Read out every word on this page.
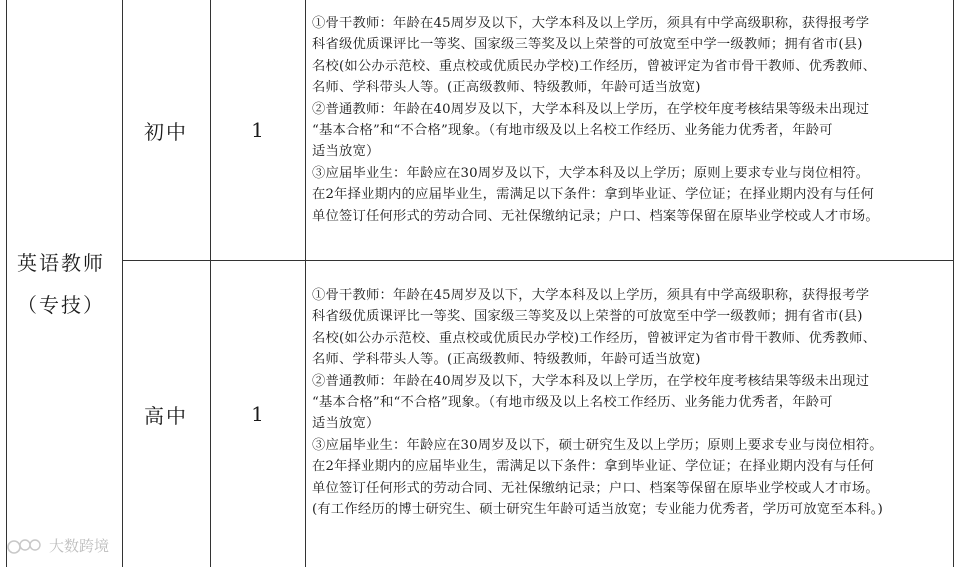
英语教师
（专技）
初中	1

①骨干教师：年龄在45周岁及以下，大学本科及以上学历，须具有中学高级职称，获得报考学

科省级优质课评比一等奖、国家级三等奖及以上荣誉的可放宽至中学一级教师；拥有省市(县)

名校(如公办示范校、重点校或优质民办学校)工作经历，曾被评定为省市骨干教师、优秀教师、

名师、学科带头人等。(正高级教师、特级教师，年龄可适当放宽)

②普通教师：年龄在40周岁及以下，大学本科及以上学历，在学校年度考核结果等级未出现过

“基本合格”和“不合格”现象。（有地市级及以上名校工作经历、业务能力优秀者，年龄可

适当放宽）

③应届毕业生：年龄应在30周岁及以下，大学本科及以上学历；原则上要求专业与岗位相符。

在2年择业期内的应届毕业生，需满足以下条件：拿到毕业证、学位证；在择业期内没有与任何

单位签订任何形式的劳动合同、无社保缴纳记录；户口、档案等保留在原毕业学校或人才市场。

高中	1

①骨干教师：年龄在45周岁及以下，大学本科及以上学历，须具有中学高级职称，获得报考学

科省级优质课评比一等奖、国家级三等奖及以上荣誉的可放宽至中学一级教师；拥有省市(县)

名校(如公办示范校、重点校或优质民办学校)工作经历，曾被评定为省市骨干教师、优秀教师、

名师、学科带头人等。(正高级教师、特级教师，年龄可适当放宽)

②普通教师：年龄在40周岁及以下，大学本科及以上学历，在学校年度考核结果等级未出现过

“基本合格”和“不合格”现象。（有地市级及以上名校工作经历、业务能力优秀者，年龄可

适当放宽）

③应届毕业生：年龄应在30周岁及以下，硕士研究生及以上学历；原则上要求专业与岗位相符。

在2年择业期内的应届毕业生，需满足以下条件：拿到毕业证、学位证；在择业期内没有与任何

单位签订任何形式的劳动合同、无社保缴纳记录；户口、档案等保留在原毕业学校或人才市场。

(有工作经历的博士研究生、硕士研究生年龄可适当放宽；专业能力优秀者，学历可放宽至本科。)

大数跨境
